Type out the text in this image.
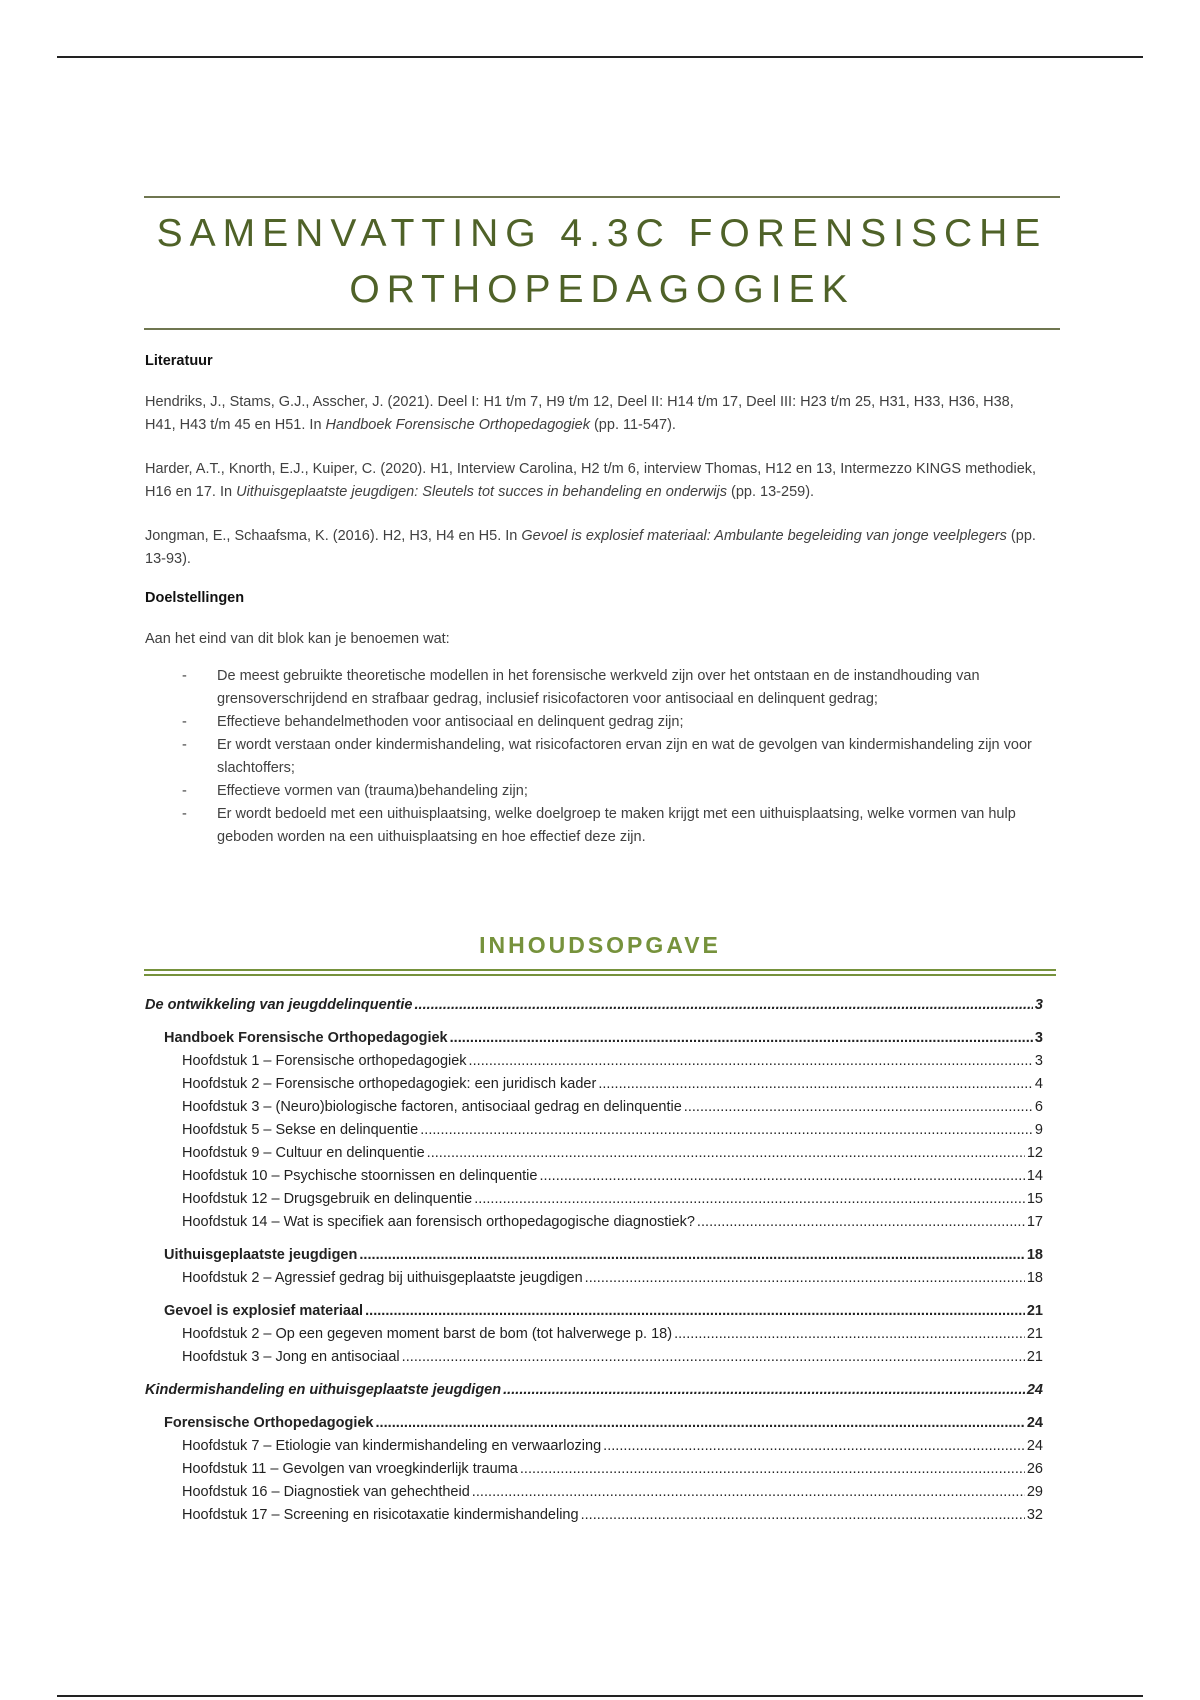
SAMENVATTING 4.3C FORENSISCHE
ORTHOPEDAGOGIEK
Literatuur

Hendriks, J., Stams, G.J., Asscher, J. (2021). Deel I: H1 t/m 7, H9 t/m 12, Deel II: H14 t/m 17, Deel III: H23 t/m 25, H31, H33, H36, H38, H41, H43 t/m 45 en H51. In Handboek Forensische Orthopedagogiek (pp. 11-547).

Harder, A.T., Knorth, E.J., Kuiper, C. (2020). H1, Interview Carolina, H2 t/m 6, interview Thomas, H12 en 13, Intermezzo KINGS methodiek, H16 en 17. In Uithuisgeplaatste jeugdigen: Sleutels tot succes in behandeling en onderwijs (pp. 13-259).

Jongman, E., Schaafsma, K. (2016). H2, H3, H4 en H5. In Gevoel is explosief materiaal: Ambulante begeleiding van jonge veelplegers (pp. 13-93).

Doelstellingen

Aan het eind van dit blok kan je benoemen wat:

- De meest gebruikte theoretische modellen in het forensische werkveld zijn over het ontstaan en de instandhouding van grensoverschrijdend en strafbaar gedrag, inclusief risicofactoren voor antisociaal en delinquent gedrag;
- Effectieve behandelmethoden voor antisociaal en delinquent gedrag zijn;
- Er wordt verstaan onder kindermishandeling, wat risicofactoren ervan zijn en wat de gevolgen van kindermishandeling zijn voor slachtoffers;
- Effectieve vormen van (trauma)behandeling zijn;
- Er wordt bedoeld met een uithuisplaatsing, welke doelgroep te maken krijgt met een uithuisplaatsing, welke vormen van hulp geboden worden na een uithuisplaatsing en hoe effectief deze zijn.
INHOUDSOPGAVE
De ontwikkeling van jeugddelinquentie . . .	3
Handboek Forensische Orthopedagogiek . . .	3
Hoofdstuk 1 – Forensische orthopedagogiek . . .	3
Hoofdstuk 2 – Forensische orthopedagogiek: een juridisch kader . . .	4
Hoofdstuk 3 – (Neuro)biologische factoren, antisociaal gedrag en delinquentie . . .	6
Hoofdstuk 5 – Sekse en delinquentie . . .	9
Hoofdstuk 9 – Cultuur en delinquentie . . .	12
Hoofdstuk 10 – Psychische stoornissen en delinquentie . . .	14
Hoofdstuk 12 – Drugsgebruik en delinquentie . . .	15
Hoofdstuk 14 – Wat is specifiek aan forensisch orthopedagogische diagnostiek? . . .	17
Uithuisgeplaatste jeugdigen . . .	18
Hoofdstuk 2 – Agressief gedrag bij uithuisgeplaatste jeugdigen . . .	18
Gevoel is explosief materiaal . . .	21
Hoofdstuk 2 – Op een gegeven moment barst de bom (tot halverwege p. 18) . . .	21
Hoofdstuk 3 – Jong en antisociaal . . .	21
Kindermishandeling en uithuisgeplaatste jeugdigen . . .	24
Forensische Orthopedagogiek . . .	24
Hoofdstuk 7 – Etiologie van kindermishandeling en verwaarlozing . . .	24
Hoofdstuk 11 – Gevolgen van vroegkinderlijk trauma . . .	26
Hoofdstuk 16 – Diagnostiek van gehechtheid . . .	29
Hoofdstuk 17 – Screening en risicotaxatie kindermishandeling . . .	32
